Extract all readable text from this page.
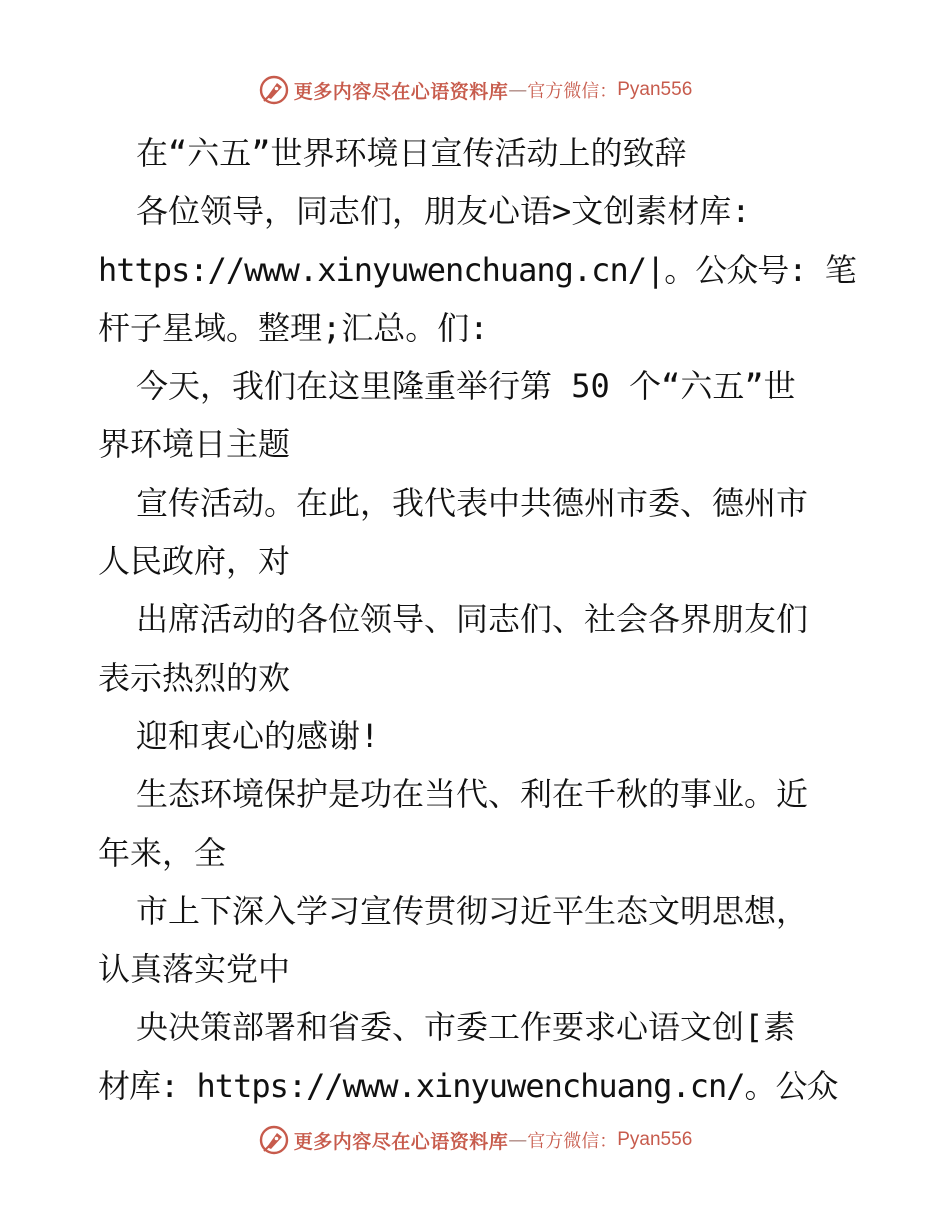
更多内容尽在心语资料库 — 官方微信： Pyan556
在“六五”世界环境日宣传活动上的致辞
各位领导，同志们，朋友心语>文创素材库:
https://www.xinyuwenchuang.cn/|。公众号: 笔
杆子星域。整理;汇总。们:
今天，我们在这里隆重举行第 50 个“六五”世
界环境日主题
宣传活动。在此，我代表中共德州市委、德州市
人民政府，对
出席活动的各位领导、同志们、社会各界朋友们
表示热烈的欢
迎和衷心的感谢!
生态环境保护是功在当代、利在千秋的事业。近
年来，全
市上下深入学习宣传贯彻习近平生态文明思想，
认真落实党中
央决策部署和省委、市委工作要求心语文创[素
材库: https://www.xinyuwenchuang.cn/。公众
更多内容尽在心语资料库 — 官方微信： Pyan556
